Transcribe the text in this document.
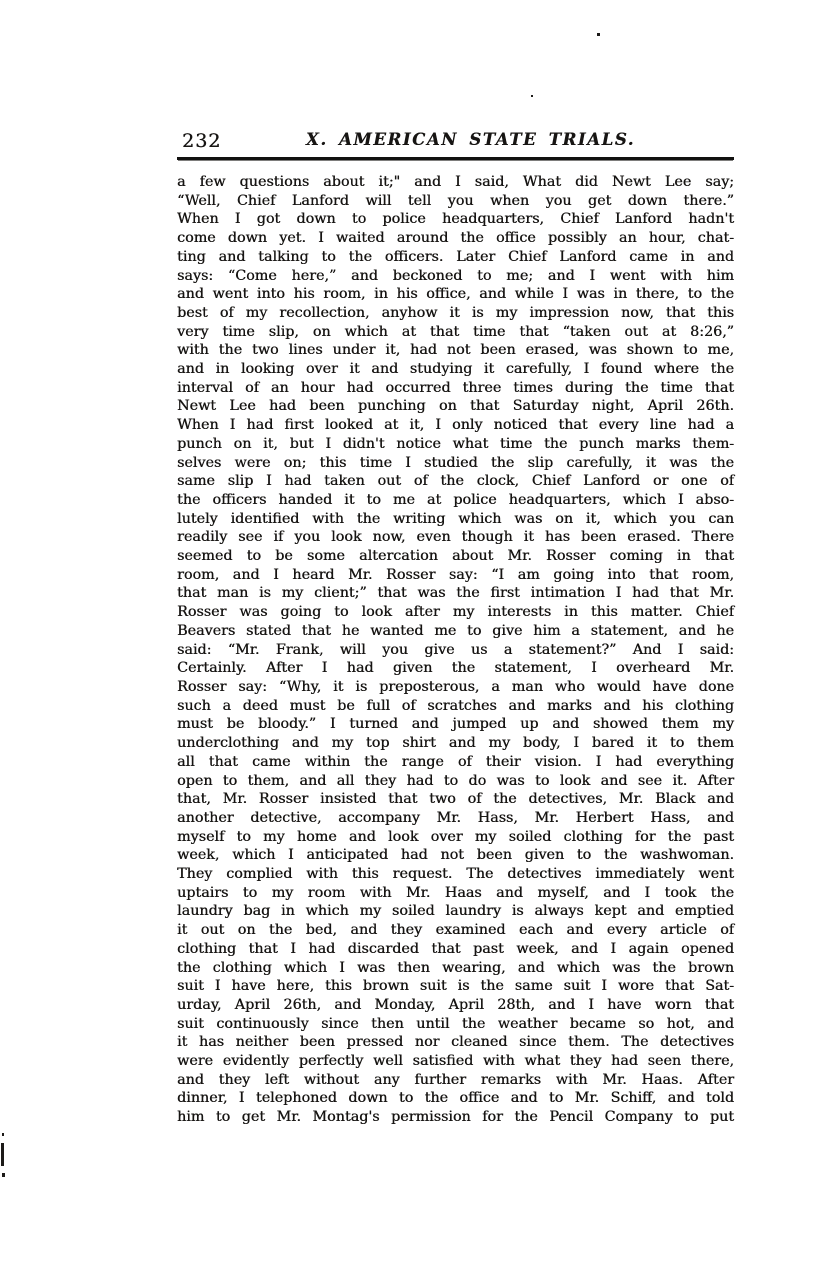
232	X. AMERICAN STATE TRIALS.
a few questions about it;" and I said, What did Newt Lee say;
“Well, Chief Lanford will tell you when you get down there.”
When I got down to police headquarters, Chief Lanford hadn't
come down yet. I waited around the office possibly an hour, chat-
ting and talking to the officers. Later Chief Lanford came in and
says: “Come here,” and beckoned to me; and I went with him
and went into his room, in his office, and while I was in there, to the
best of my recollection, anyhow it is my impression now, that this
very time slip, on which at that time that “taken out at 8:26,”
with the two lines under it, had not been erased, was shown to me,
and in looking over it and studying it carefully, I found where the
interval of an hour had occurred three times during the time that
Newt Lee had been punching on that Saturday night, April 26th.
When I had first looked at it, I only noticed that every line had a
punch on it, but I didn't notice what time the punch marks them-
selves were on; this time I studied the slip carefully, it was the
same slip I had taken out of the clock, Chief Lanford or one of
the officers handed it to me at police headquarters, which I abso-
lutely identified with the writing which was on it, which you can
readily see if you look now, even though it has been erased. There
seemed to be some altercation about Mr. Rosser coming in that
room, and I heard Mr. Rosser say: “I am going into that room,
that man is my client;” that was the first intimation I had that Mr.
Rosser was going to look after my interests in this matter. Chief
Beavers stated that he wanted me to give him a statement, and he
said: “Mr. Frank, will you give us a statement?” And I said:
Certainly. After I had given the statement, I overheard Mr.
Rosser say: “Why, it is preposterous, a man who would have done
such a deed must be full of scratches and marks and his clothing
must be bloody.” I turned and jumped up and showed them my
underclothing and my top shirt and my body, I bared it to them
all that came within the range of their vision. I had everything
open to them, and all they had to do was to look and see it. After
that, Mr. Rosser insisted that two of the detectives, Mr. Black and
another detective, accompany Mr. Hass, Mr. Herbert Hass, and
myself to my home and look over my soiled clothing for the past
week, which I anticipated had not been given to the washwoman.
They complied with this request. The detectives immediately went
uptairs to my room with Mr. Haas and myself, and I took the
laundry bag in which my soiled laundry is always kept and emptied
it out on the bed, and they examined each and every article of
clothing that I had discarded that past week, and I again opened
the clothing which I was then wearing, and which was the brown
suit I have here, this brown suit is the same suit I wore that Sat-
urday, April 26th, and Monday, April 28th, and I have worn that
suit continuously since then until the weather became so hot, and
it has neither been pressed nor cleaned since them. The detectives
were evidently perfectly well satisfied with what they had seen there,
and they left without any further remarks with Mr. Haas. After
dinner, I telephoned down to the office and to Mr. Schiff, and told
him to get Mr. Montag's permission for the Pencil Company to put
